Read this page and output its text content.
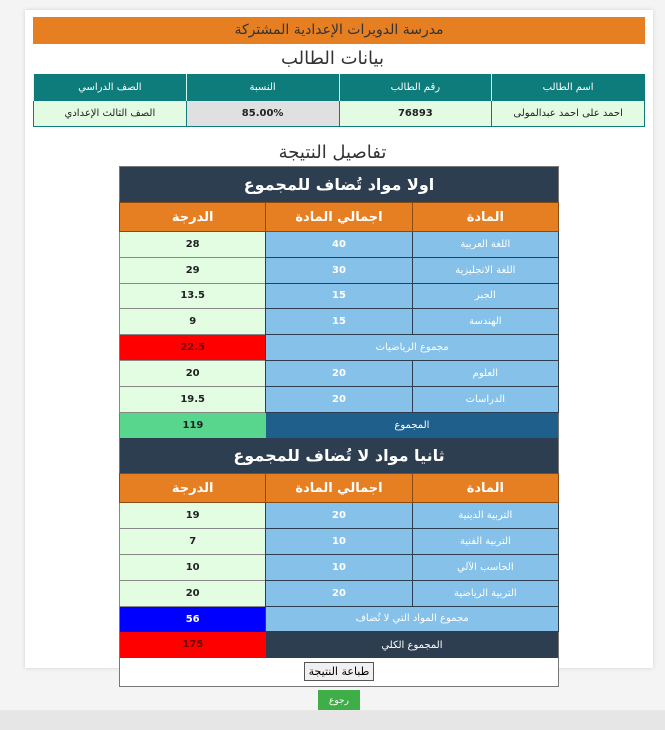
مدرسة الدويرات الإعدادية المشتركة
بيانات الطالب
اسم الطالب	رقم الطالب	النسبة	الصف الدراسي
احمد على احمد عبدالمولى	76893	85.00%	الصف الثالث الإعدادي
تفاصيل النتيجة
اولا مواد تُضاف للمجموع		
المادة	اجمالي المادة	الدرجة
اللغة العربية	40	28
اللغة الانجليزية	30	29
الجبر	15	13.5
الهندسة	15	9
مجموع الرياضيات		22.5
العلوم	20	20
الدراسات	20	19.5
المجموع		119
ثانيا مواد لا تُضاف للمجموع		
المادة	اجمالي المادة	الدرجة
التربية الدينية	20	19
التربية الفنية	10	7
الحاسب الآلي	10	10
التربية الرياضية	20	20
مجموع المواد التي لا تُضاف		56
المجموع الكلي		175
طباعة النتيجة		
رجوع
